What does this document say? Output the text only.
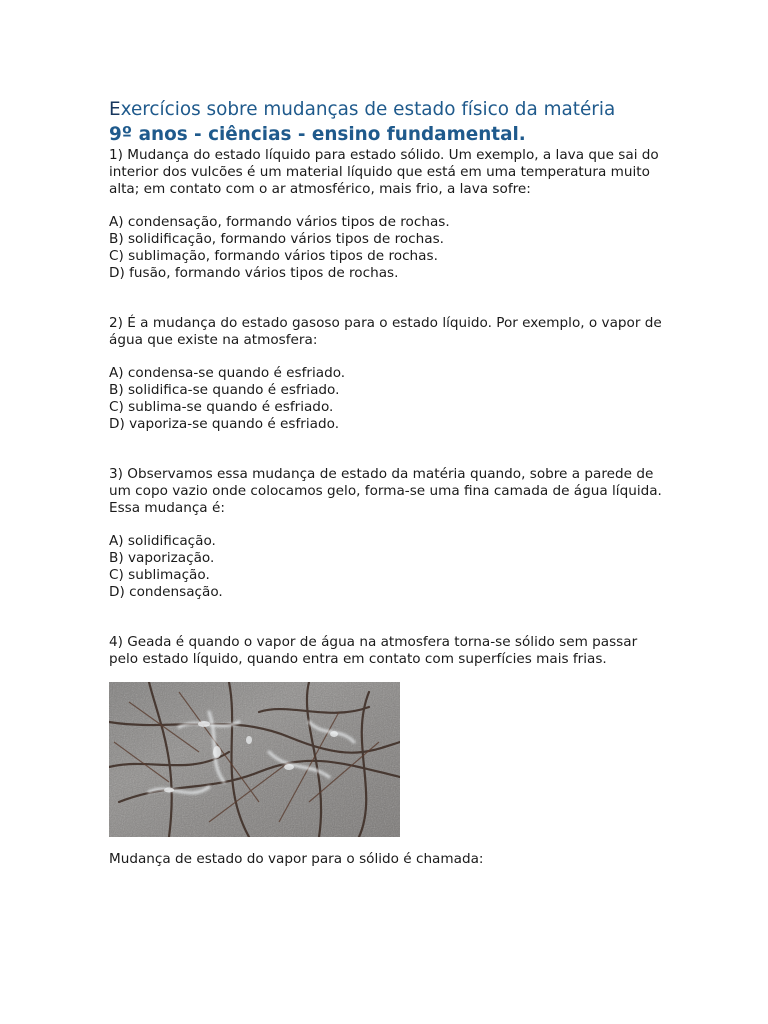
Exercícios sobre mudanças de estado físico da matéria
9º anos - ciências - ensino fundamental.

1) Mudança do estado líquido para estado sólido. Um exemplo, a lava que sai do interior dos vulcões é um material líquido que está em uma temperatura muito alta; em contato com o ar atmosférico, mais frio, a lava sofre:

A) condensação, formando vários tipos de rochas.
B) solidificação, formando vários tipos de rochas.
C) sublimação, formando vários tipos de rochas.
D) fusão, formando vários tipos de rochas.

2) É a mudança do estado gasoso para o estado líquido. Por exemplo, o vapor de água que existe na atmosfera:

A) condensa-se quando é esfriado.
B) solidifica-se quando é esfriado.
C) sublima-se quando é esfriado.
D) vaporiza-se quando é esfriado.

3) Observamos essa mudança de estado da matéria quando, sobre a parede de um copo vazio onde colocamos gelo, forma-se uma fina camada de água líquida.

Essa mudança é:

A) solidificação.
B) vaporização.
C) sublimação.
D) condensação.

4) Geada é quando o vapor de água na atmosfera torna-se sólido sem passar pelo estado líquido, quando entra em contato com superfícies mais frias.

Mudança de estado do vapor para o sólido é chamada:
